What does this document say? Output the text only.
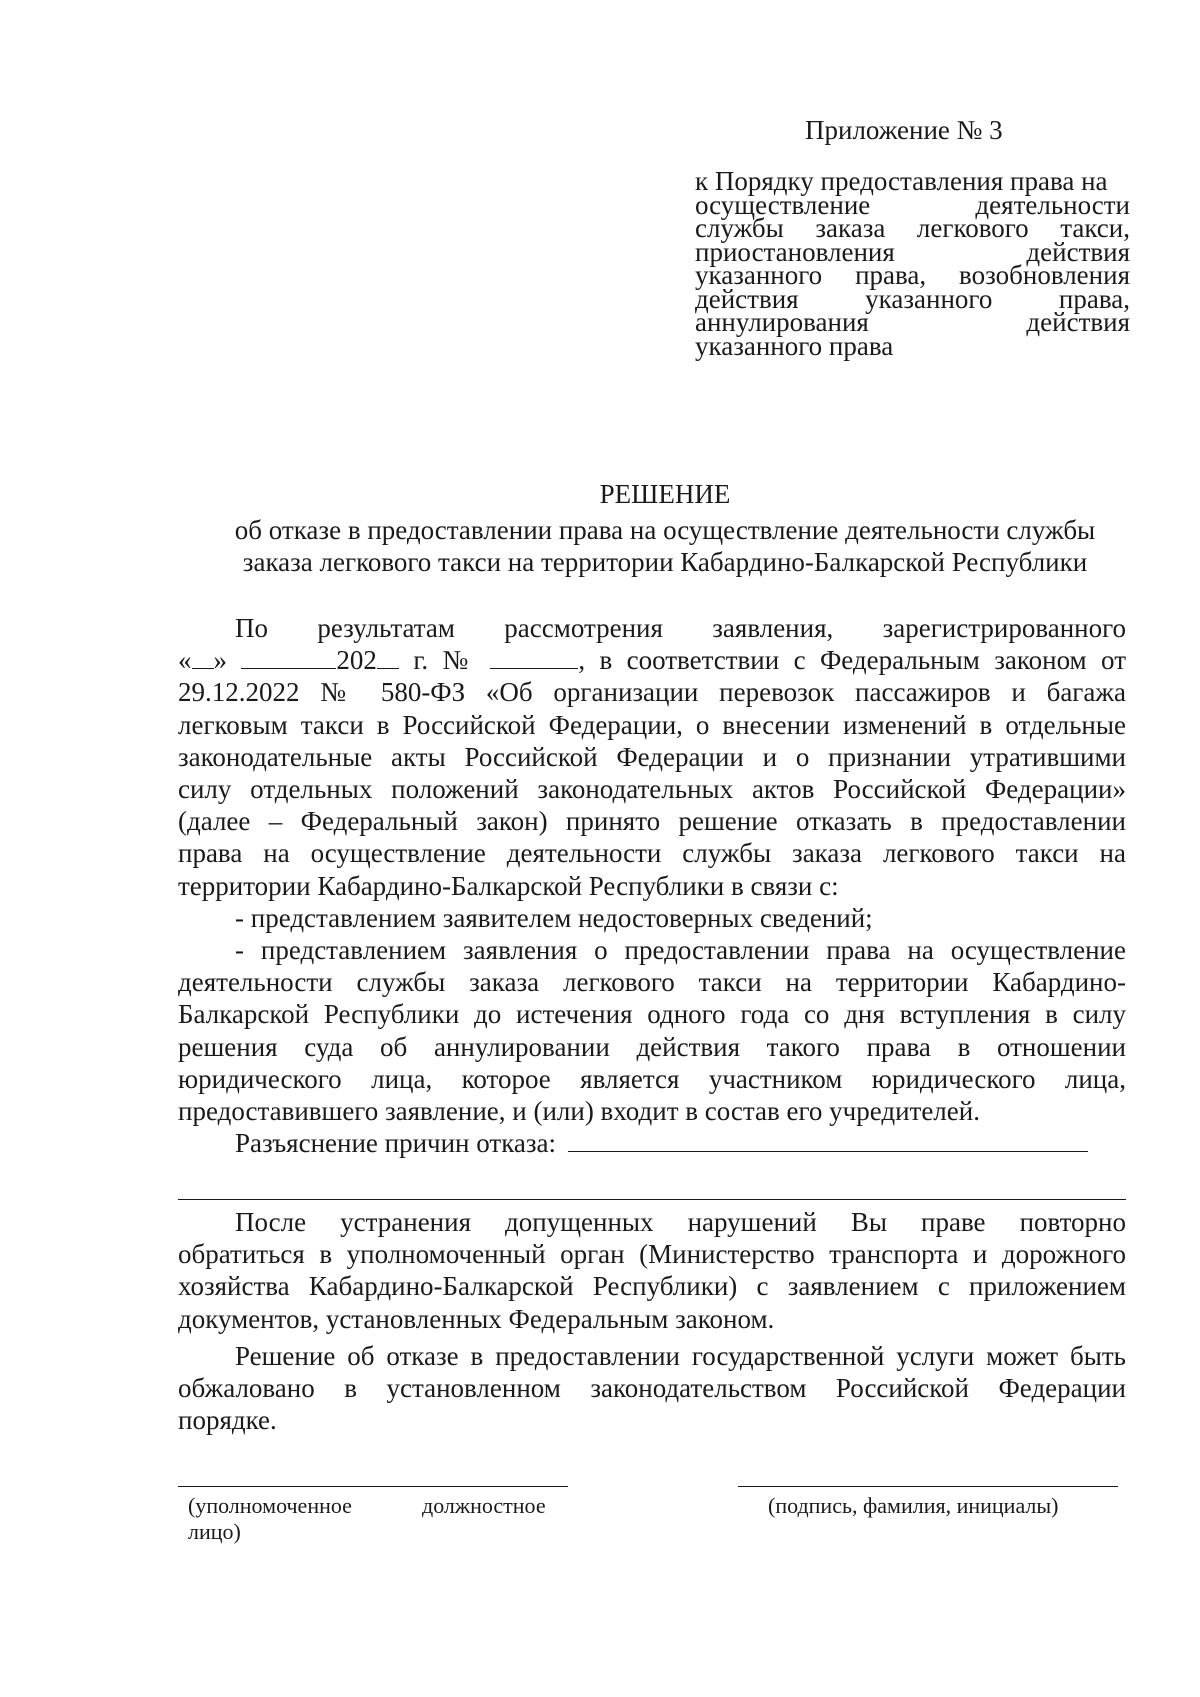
Приложение № 3
к Порядку предоставления права на
осуществление деятельности
службы заказа легкового такси,
приостановления действия
указанного права, возобновления
действия указанного права,
аннулирования действия
указанного права
РЕШЕНИЕ
об отказе в предоставлении права на осуществление деятельности службы
заказа легкового такси на территории Кабардино-Балкарской Республики
По результатам рассмотрения заявления, зарегистрированного
« »	202 г. №	, в соответствии с Федеральным законом от
29.12.2022 № 580-ФЗ «Об организации перевозок пассажиров и багажа
легковым такси в Российской Федерации, о внесении изменений в отдельные
законодательные акты Российской Федерации и о признании утратившими
силу отдельных положений законодательных актов Российской Федерации»
(далее – Федеральный закон) принято решение отказать в предоставлении
права на осуществление деятельности службы заказа легкового такси на
территории Кабардино-Балкарской Республики в связи с:
- представлением заявителем недостоверных сведений;
- представлением заявления о предоставлении права на осуществление
деятельности службы заказа легкового такси на территории Кабардино-
Балкарской Республики до истечения одного года со дня вступления в силу
решения суда об аннулировании действия такого права в отношении
юридического лица, которое является участником юридического лица,
предоставившего заявление, и (или) входит в состав его учредителей.
Разъяснение причин отказа:
После устранения допущенных нарушений Вы праве повторно
обратиться в уполномоченный орган (Министерство транспорта и дорожного
хозяйства Кабардино-Балкарской Республики) с заявлением с приложением
документов, установленных Федеральным законом.
Решение об отказе в предоставлении государственной услуги может быть
обжаловано в установленном законодательством Российской Федерации
порядке.
(уполномоченное	должностное
лицо)
(подпись, фамилия, инициалы)
